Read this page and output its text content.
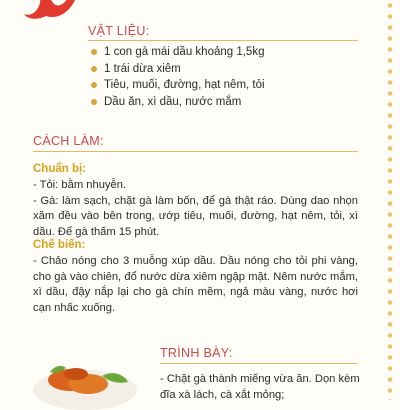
VẬT LIỆU:
1 con gà mái dầu khoảng 1,5kg
1 trái dừa xiêm
Tiêu, muối, đường, hạt nêm, tỏi
Dầu ăn, xì dầu, nước mắm
CÁCH LÀM:
Chuẩn bị:

- Tỏi: bằm nhuyễn.

- Gà: làm sạch, chặt gà làm bốn, để gà thật ráo. Dùng dao nhọn xăm đều vào bên trong, ướp tiêu, muối, đường, hạt nêm, tỏi, xì dầu. Để gà thấm 15 phút.

Chế biến:

- Chảo nóng cho 3 muỗng xúp dầu. Dầu nóng cho tỏi phi vàng, cho gà vào chiên, đổ nước dừa xiêm ngập mặt. Nêm nước mắm, xì dầu, đậy nắp lại cho gà chín mềm, ngả màu vàng, nước hơi cạn nhấc xuống.

TRÌNH BÀY:

- Chặt gà thành miếng vừa ăn. Dọn kèm đĩa xà lách, cà xắt mỏng;
